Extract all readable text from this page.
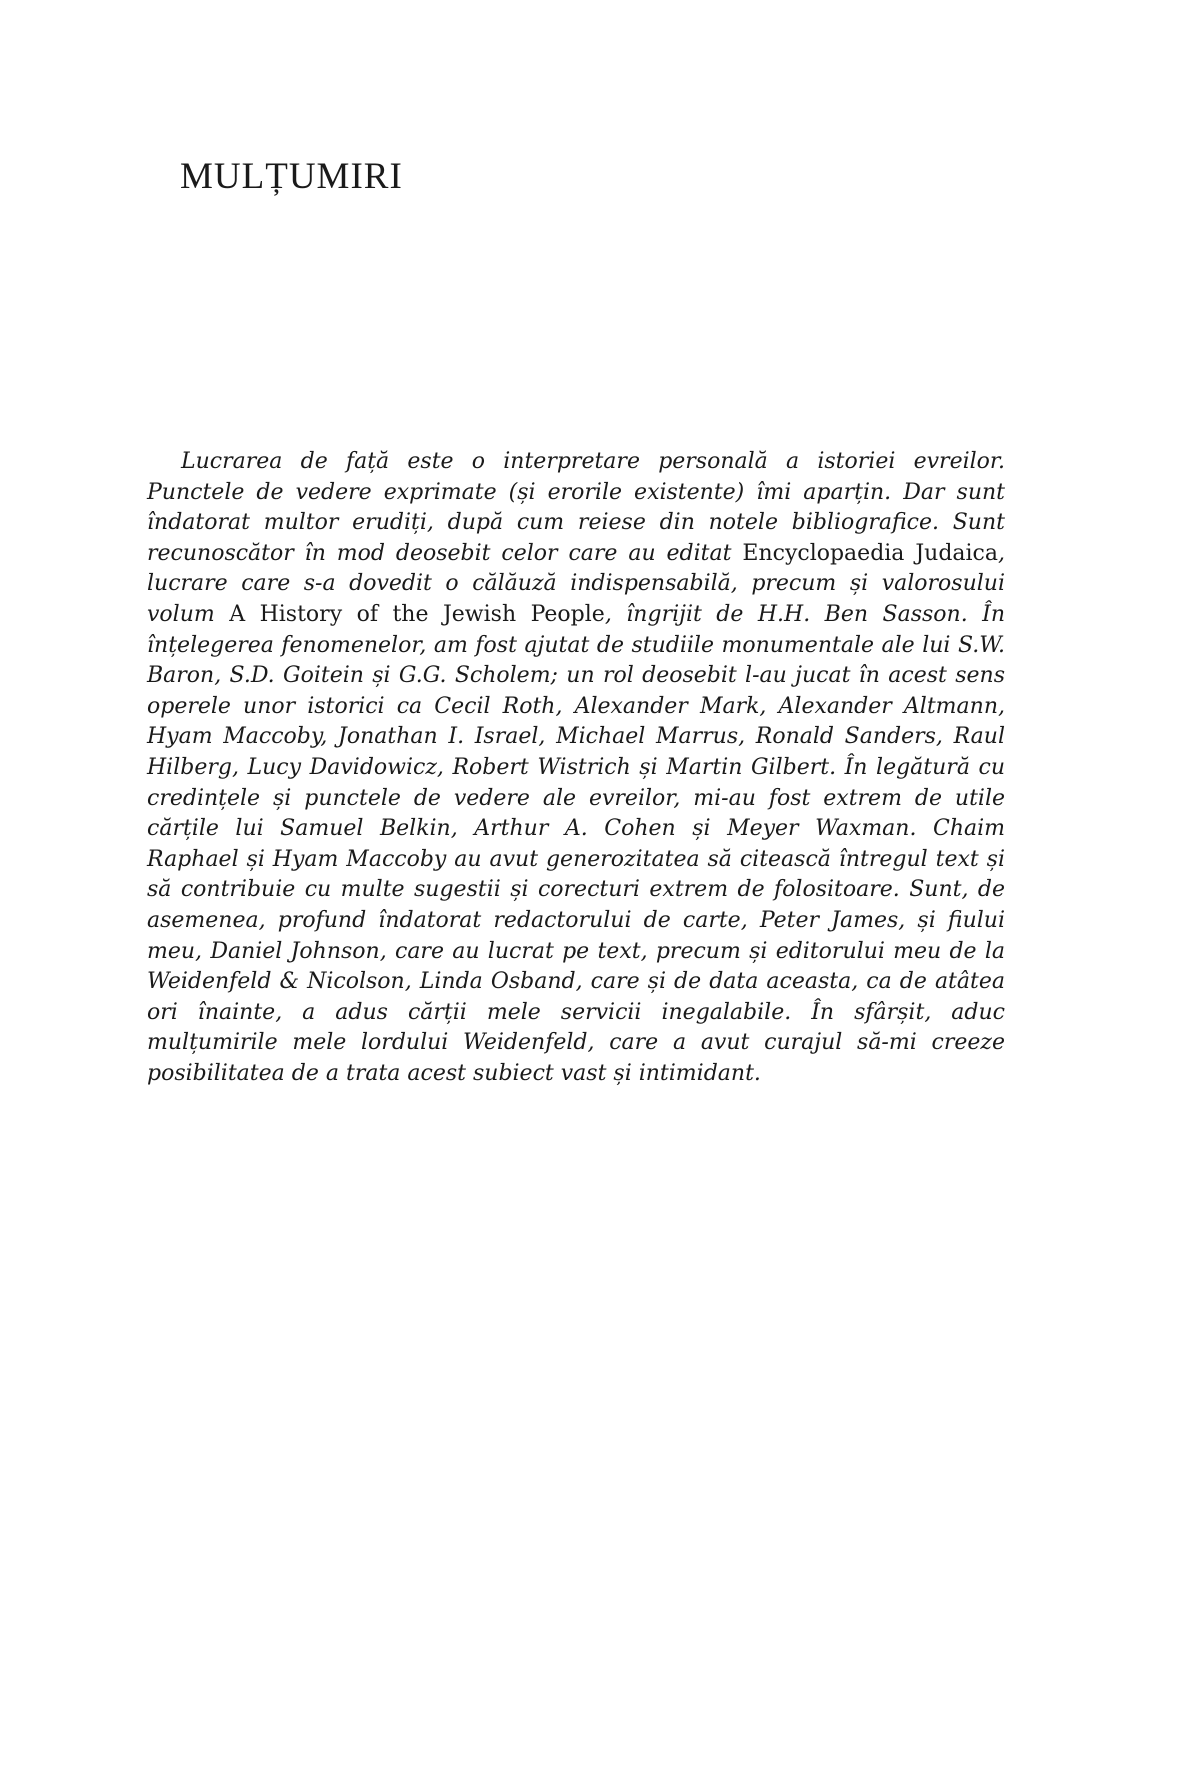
MULȚUMIRI

Lucrarea de față este o interpretare personală a istoriei evreilor. Punctele de vedere exprimate (și erorile existente) îmi aparțin. Dar sunt îndatorat multor erudiți, după cum reiese din notele bibliografice. Sunt recunoscător în mod deosebit celor care au editat Encyclopaedia Judaica, lucrare care s-a dovedit o călăuză indispensabilă, precum și valorosului volum A History of the Jewish People, îngrijit de H.H. Ben Sasson. În înțelegerea fenomenelor, am fost ajutat de studiile monumentale ale lui S.W. Baron, S.D. Goitein și G.G. Scholem; un rol deosebit l-au jucat în acest sens operele unor istorici ca Cecil Roth, Alexander Mark, Alexander Altmann, Hyam Maccoby, Jonathan I. Israel, Michael Marrus, Ronald Sanders, Raul Hilberg, Lucy Davidowicz, Robert Wistrich și Martin Gilbert. În legătură cu credințele și punctele de vedere ale evreilor, mi-au fost extrem de utile cărțile lui Samuel Belkin, Arthur A. Cohen și Meyer Waxman. Chaim Raphael și Hyam Maccoby au avut generozitatea să citească întregul text și să contribuie cu multe sugestii și corecturi extrem de folositoare. Sunt, de asemenea, profund îndatorat redactorului de carte, Peter James, și fiului meu, Daniel Johnson, care au lucrat pe text, precum și editorului meu de la Weidenfeld & Nicolson, Linda Osband, care și de data aceasta, ca de atâtea ori înainte, a adus cărții mele servicii inegalabile. În sfârșit, aduc mulțumirile mele lordului Weidenfeld, care a avut curajul să-mi creeze posibilitatea de a trata acest subiect vast și intimidant.
